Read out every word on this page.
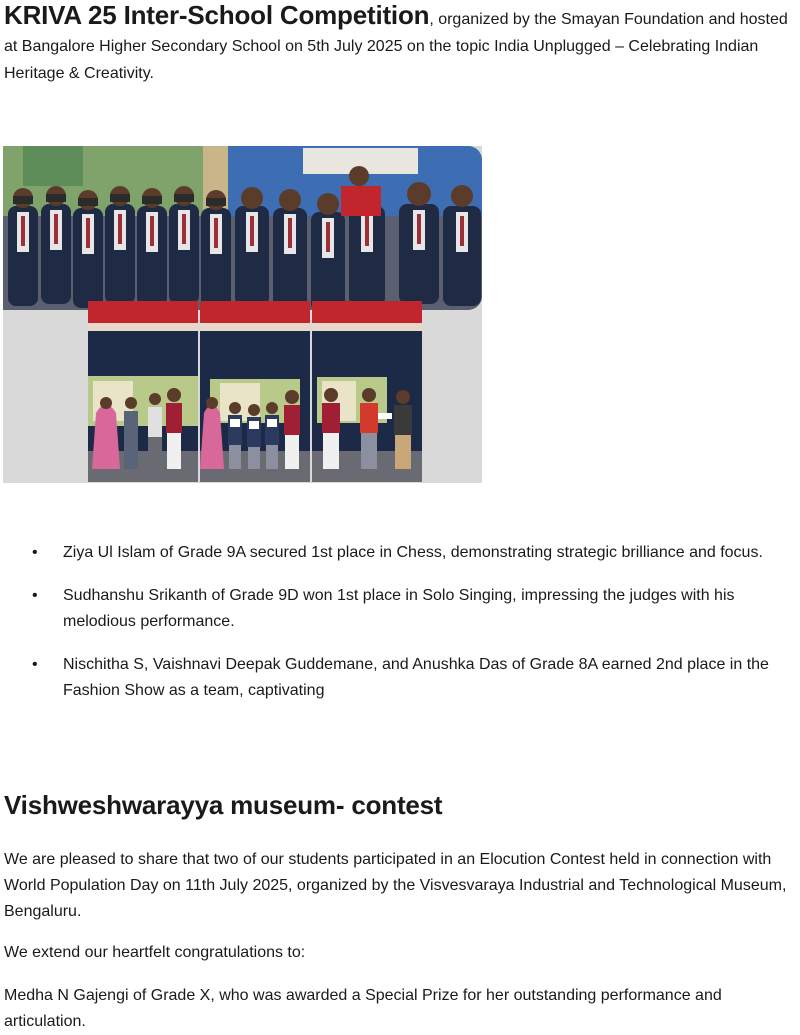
KRIVA 25 Inter-School Competition, organized by the Smayan Foundation and hosted at Bangalore Higher Secondary School on 5th July 2025 on the topic India Unplugged – Celebrating Indian Heritage & Creativity.

• Ziya Ul Islam of Grade 9A secured 1st place in Chess, demonstrating strategic brilliance and focus.
• Sudhanshu Srikanth of Grade 9D won 1st place in Solo Singing, impressing the judges with his melodious performance.
• Nischitha S, Vaishnavi Deepak Guddemane, and Anushka Das of Grade 8A earned 2nd place in the Fashion Show as a team, captivating
Vishweshwarayya museum- contest

We are pleased to share that two of our students participated in an Elocution Contest held in connection with World Population Day on 11th July 2025, organized by the Visvesvaraya Industrial and Technological Museum, Bengaluru.

We extend our heartfelt congratulations to:

Medha N Gajengi of Grade X, who was awarded a Special Prize for her outstanding performance and articulation.
